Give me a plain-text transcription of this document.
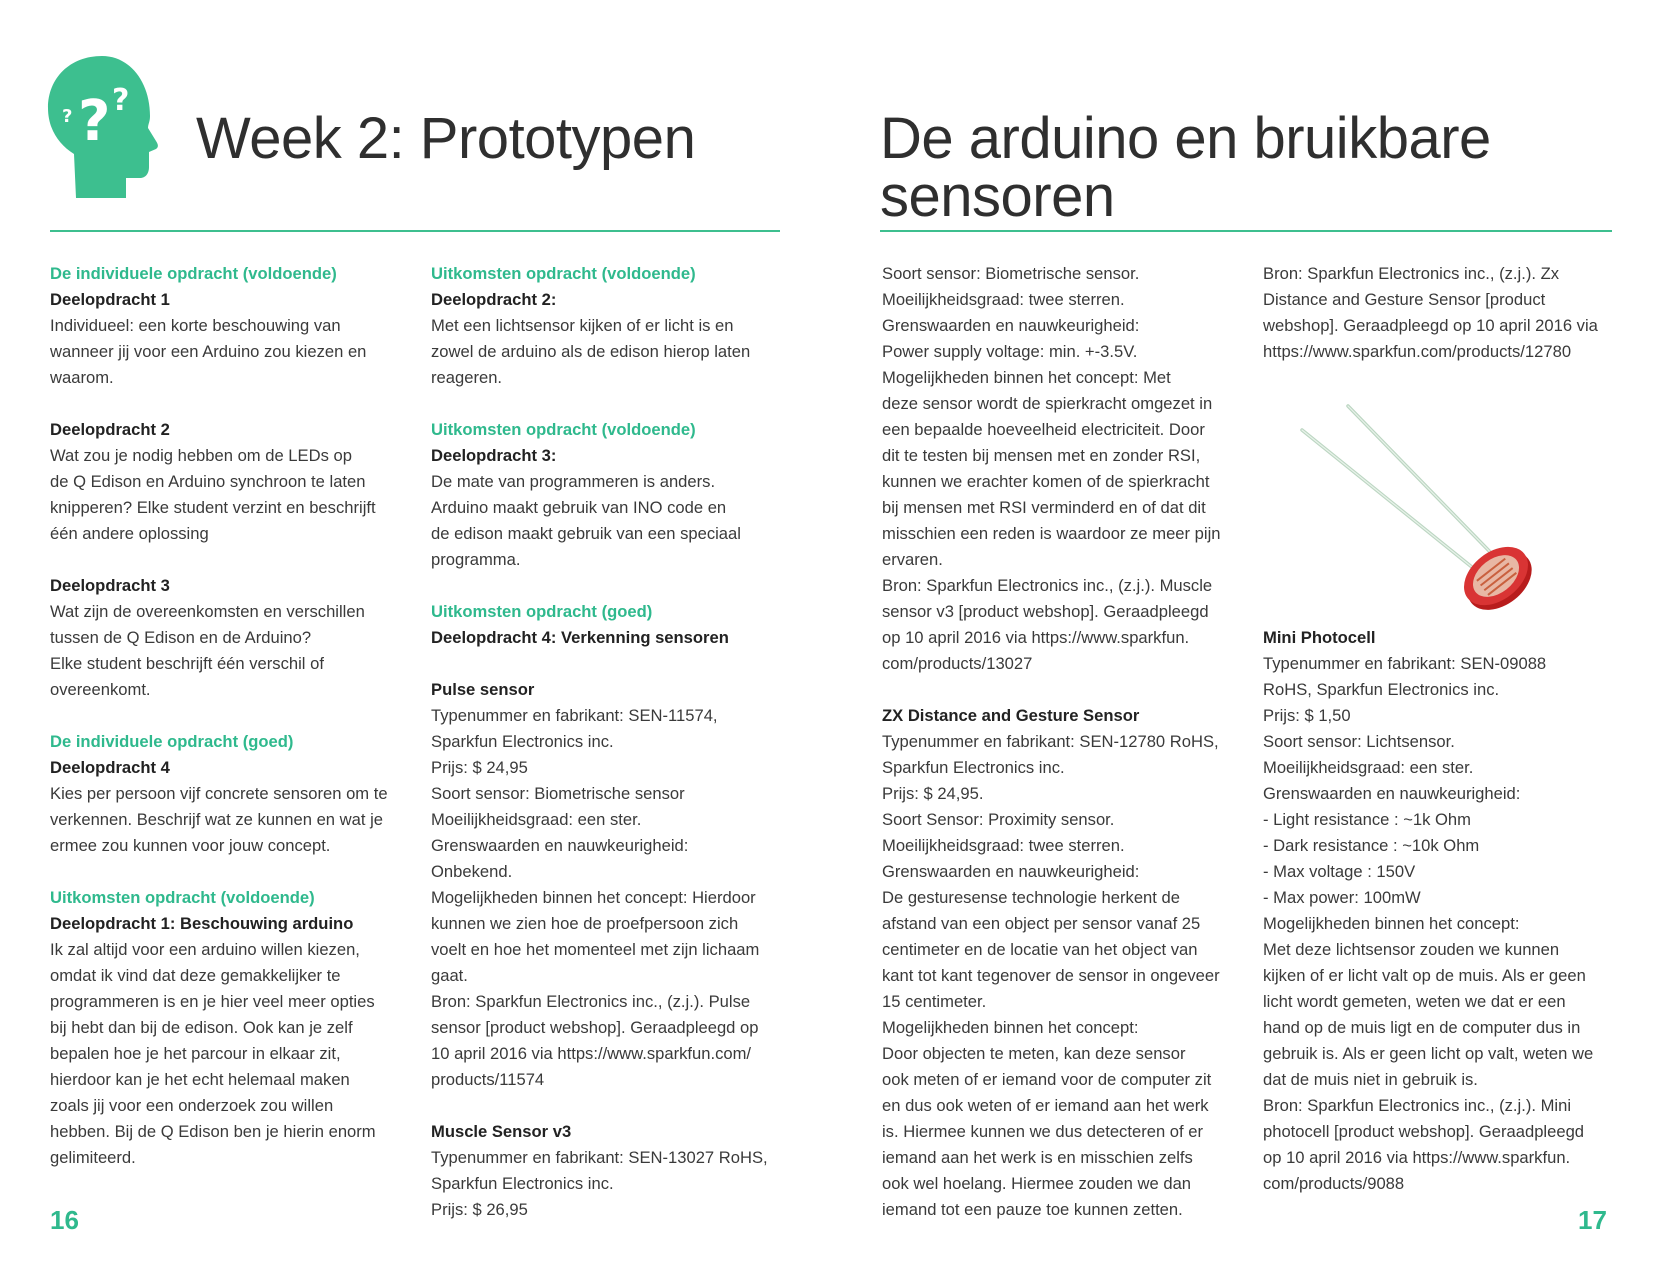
? ? ?
Week 2: Prototypen	De arduino en bruikbare sensoren

De individuele opdracht (voldoende)

Deelopdracht 1

Individueel: een korte beschouwing van
wanneer jij voor een Arduino zou kiezen en
waarom.

Deelopdracht 2

Wat zou je nodig hebben om de LEDs op
de Q Edison en Arduino synchroon te laten
knipperen? Elke student verzint en beschrijft
één andere oplossing

Deelopdracht 3

Wat zijn de overeenkomsten en verschillen
tussen de Q Edison en de Arduino?
Elke student beschrijft één verschil of
overeenkomt.

De individuele opdracht (goed)

Deelopdracht 4

Kies per persoon vijf concrete sensoren om te
verkennen. Beschrijf wat ze kunnen en wat je
ermee zou kunnen voor jouw concept.

Uitkomsten opdracht (voldoende)

Deelopdracht 1: Beschouwing arduino

Ik zal altijd voor een arduino willen kiezen,
omdat ik vind dat deze gemakkelijker te
programmeren is en je hier veel meer opties
bij hebt dan bij de edison. Ook kan je zelf
bepalen hoe je het parcour in elkaar zit,
hierdoor kan je het echt helemaal maken
zoals jij voor een onderzoek zou willen
hebben. Bij de Q Edison ben je hierin enorm
gelimiteerd.

Uitkomsten opdracht (voldoende)

Deelopdracht 2:

Met een lichtsensor kijken of er licht is en
zowel de arduino als de edison hierop laten
reageren.

Uitkomsten opdracht (voldoende)

Deelopdracht 3:

De mate van programmeren is anders.
Arduino maakt gebruik van INO code en
de edison maakt gebruik van een speciaal
programma.

Uitkomsten opdracht (goed)

Deelopdracht 4: Verkenning sensoren

Pulse sensor

Typenummer en fabrikant: SEN-11574,
Sparkfun Electronics inc.
Prijs: $ 24,95
Soort sensor: Biometrische sensor
Moeilijkheidsgraad: een ster.
Grenswaarden en nauwkeurigheid:
Onbekend.
Mogelijkheden binnen het concept: Hierdoor
kunnen we zien hoe de proefpersoon zich
voelt en hoe het momenteel met zijn lichaam
gaat.
Bron: Sparkfun Electronics inc., (z.j.). Pulse
sensor [product webshop]. Geraadpleegd op
10 april 2016 via https://www.sparkfun.com/
products/11574

Muscle Sensor v3

Typenummer en fabrikant: SEN-13027 RoHS,
Sparkfun Electronics inc.
Prijs: $ 26,95

Soort sensor: Biometrische sensor.
Moeilijkheidsgraad: twee sterren.
Grenswaarden en nauwkeurigheid:
Power supply voltage: min. +-3.5V.
Mogelijkheden binnen het concept: Met
deze sensor wordt de spierkracht omgezet in
een bepaalde hoeveelheid electriciteit. Door
dit te testen bij mensen met en zonder RSI,
kunnen we erachter komen of de spierkracht
bij mensen met RSI verminderd en of dat dit
misschien een reden is waardoor ze meer pijn
ervaren.
Bron: Sparkfun Electronics inc., (z.j.). Muscle
sensor v3 [product webshop]. Geraadpleegd
op 10 april 2016 via https://www.sparkfun.
com/products/13027

ZX Distance and Gesture Sensor

Typenummer en fabrikant: SEN-12780 RoHS,
Sparkfun Electronics inc.
Prijs: $ 24,95.
Soort Sensor: Proximity sensor.
Moeilijkheidsgraad: twee sterren.
Grenswaarden en nauwkeurigheid:
De gesturesense technologie herkent de
afstand van een object per sensor vanaf 25
centimeter en de locatie van het object van
kant tot kant tegenover de sensor in ongeveer
15 centimeter.
Mogelijkheden binnen het concept:
Door objecten te meten, kan deze sensor
ook meten of er iemand voor de computer zit
en dus ook weten of er iemand aan het werk
is. Hiermee kunnen we dus detecteren of er
iemand aan het werk is en misschien zelfs
ook wel hoelang. Hiermee zouden we dan
iemand tot een pauze toe kunnen zetten.

Bron: Sparkfun Electronics inc., (z.j.). Zx
Distance and Gesture Sensor [product
webshop]. Geraadpleegd op 10 april 2016 via
https://www.sparkfun.com/products/12780

Mini Photocell

Typenummer en fabrikant: SEN-09088
RoHS, Sparkfun Electronics inc.
Prijs: $ 1,50
Soort sensor: Lichtsensor.
Moeilijkheidsgraad: een ster.
Grenswaarden en nauwkeurigheid:
- Light resistance : ~1k Ohm
- Dark resistance : ~10k Ohm
- Max voltage : 150V
- Max power: 100mW
Mogelijkheden binnen het concept:
Met deze lichtsensor zouden we kunnen
kijken of er licht valt op de muis. Als er geen
licht wordt gemeten, weten we dat er een
hand op de muis ligt en de computer dus in
gebruik is. Als er geen licht op valt, weten we
dat de muis niet in gebruik is.
Bron: Sparkfun Electronics inc., (z.j.). Mini
photocell [product webshop]. Geraadpleegd
op 10 april 2016 via https://www.sparkfun.
com/products/9088

16	17
